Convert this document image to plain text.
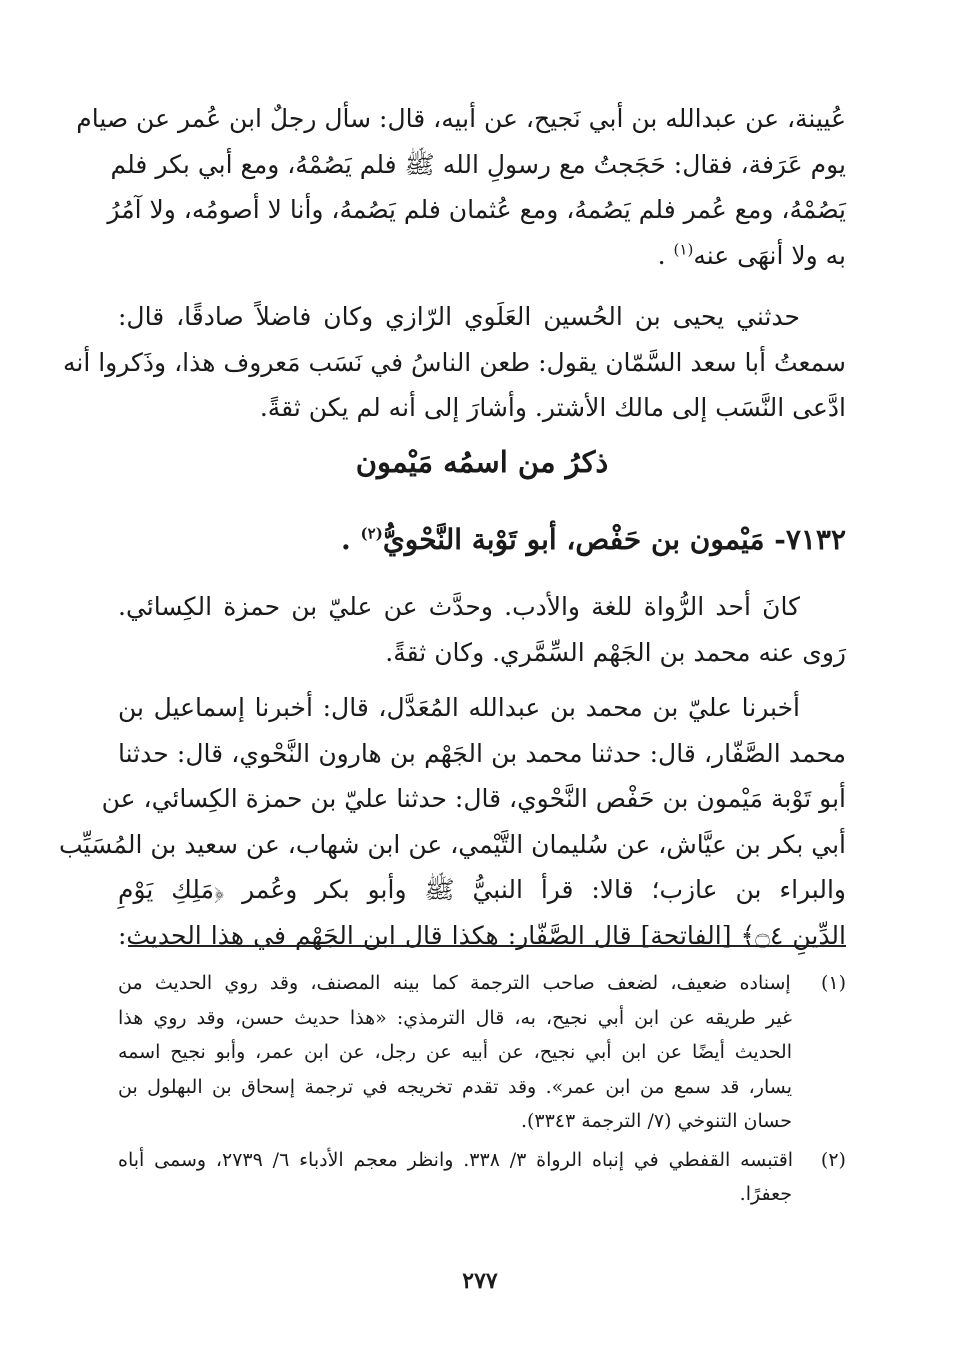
عُيينة، عن عبدالله بن أبي نَجيح، عن أبيه، قال: سأل رجلٌ ابن عُمر عن صيام
يوم عَرَفة، فقال: حَجَجتُ مع رسولِ الله ﷺ فلم يَصُمْهُ، ومع أبي بكر فلم
يَصُمْهُ، ومع عُمر فلم يَصُمهُ، ومع عُثمان فلم يَصُمهُ، وأنا لا أصومُه، ولا آمُرُ
به ولا أنهَى عنه$^{(١)}$ .

حدثني يحيى بن الحُسين العَلَوي الرّازي وكان فاضلاً صادقًا، قال:
سمعتُ أبا سعد السَّمّان يقول: طعن الناسُ في نَسَب مَعروف هذا، وذَكروا أنه
ادَّعى النَّسَب إلى مالك الأشتر. وأشارَ إلى أنه لم يكن ثقةً.

ذكرُ من اسمُه مَيْمون
٧١٣٢- مَيْمون بن حَفْص، أبو تَوْبة النَّحْويُّ$^{(٢)}$ .

كانَ أحد الرُّواة للغة والأدب. وحدَّث عن عليّ بن حمزة الكِسائي.
رَوى عنه محمد بن الجَهْم السِّمَّري. وكان ثقةً.

أخبرنا عليّ بن محمد بن عبدالله المُعَدَّل، قال: أخبرنا إسماعيل بن
محمد الصَّفّار، قال: حدثنا محمد بن الجَهْم بن هارون النَّحْوي، قال: حدثنا
أبو تَوْبة مَيْمون بن حَفْص النَّحْوي، قال: حدثنا عليّ بن حمزة الكِسائي، عن
أبي بكر بن عيَّاش، عن سُليمان التَّيْمي، عن ابن شهاب، عن سعيد بن المُسَيِّب
والبراء بن عازب؛ قالا: قرأ النبيُّ ﷺ وأبو بكر وعُمر ﴿مَلِكِ يَوْمِ
الدِّينِ ۝٤﴾ [الفاتحة] قال الصَّفّار: هكذا قال ابن الجَهْم في هذا الحديث:

(١) إسناده ضعيف، لضعف صاحب الترجمة كما بينه المصنف، وقد روي الحديث من
غير طريقه عن ابن أبي نجيح، به، قال الترمذي: «هذا حديث حسن، وقد روي هذا
الحديث أيضًا عن ابن أبي نجيح، عن أبيه عن رجل، عن ابن عمر، وأبو نجيح اسمه
يسار، قد سمع من ابن عمر». وقد تقدم تخريجه في ترجمة إسحاق بن البهلول بن
حسان التنوخي (٧/ الترجمة ٣٣٤٣).
(٢) اقتبسه القفطي في إنباه الرواة ٣/ ٣٣٨. وانظر معجم الأدباء ٦/ ٢٧٣٩، وسمى أباه
جعفرًا.
٢٧٧
